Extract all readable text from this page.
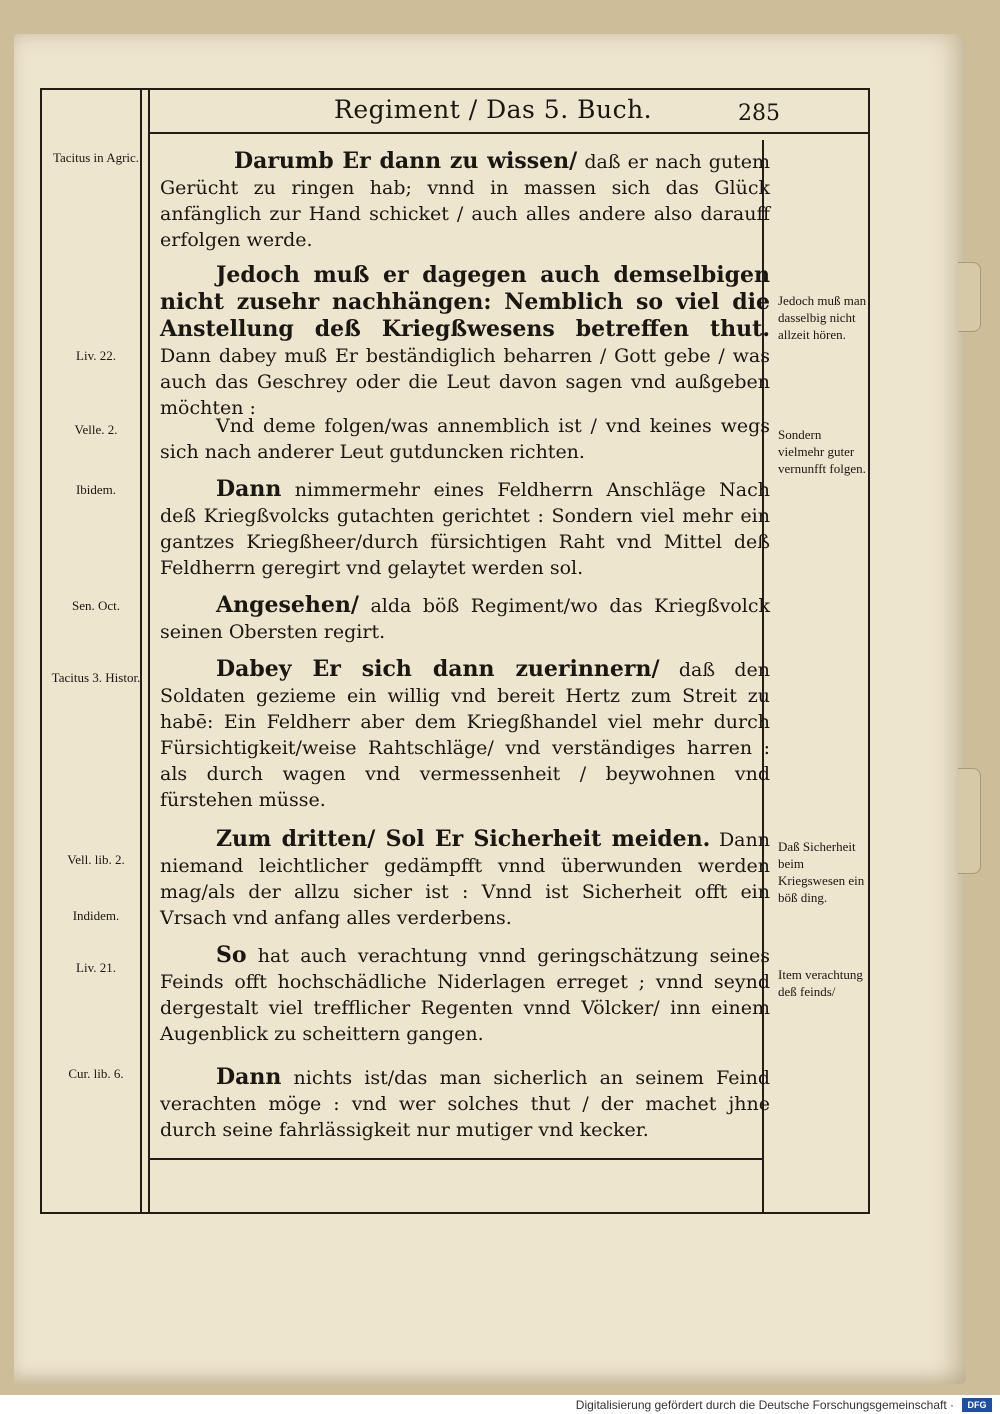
Regiment / Das 5. Buch.	285
Tacitus in Agric.
Liv. 22.
Velle. 2.
Ibidem.
Sen. Oct.
Tacitus 3. Histor.
Vell. lib. 2.
Indidem.
Liv. 21.
Cur. lib. 6.
Jedoch muß man dasselbig nicht allzeit hören.
Sondern vielmehr guter vernunfft folgen.
Daß Sicherheit beim Kriegswesen ein böß ding.
Item verachtung deß feinds/
Darumb Er dann zu wissen/ daß er nach gutem Gerücht zu ringen hab; vnnd in massen sich das Glück anfänglich zur Hand schicket / auch alles andere also darauff erfolgen werde.
Jedoch muß er dagegen auch demselbigen nicht zusehr nachhängen: Nemblich so viel die Anstellung deß Kriegßwesens betreffen thut. Dann dabey muß Er beständiglich beharren / Gott gebe / was auch das Geschrey oder die Leut davon sagen vnd außgeben möchten :
Vnd deme folgen/was annemblich ist / vnd keines wegs sich nach anderer Leut gutduncken richten.
Dann nimmermehr eines Feldherrn Anschläge Nach deß Kriegßvolcks gutachten gerichtet : Sondern viel mehr ein gantzes Kriegßheer/durch fürsichtigen Raht vnd Mittel deß Feldherrn geregirt vnd gelaytet werden sol.
Angesehen/ alda böß Regiment/wo das Kriegßvolck seinen Obersten regirt.
Dabey Er sich dann zuerinnern/ daß den Soldaten gezieme ein willig vnd bereit Hertz zum Streit zu habē: Ein Feldherr aber dem Kriegßhandel viel mehr durch Fürsichtigkeit/weise Rahtschläge/ vnd verständiges harren : als durch wagen vnd vermessenheit / beywohnen vnd fürstehen müsse.
Zum dritten/ Sol Er Sicherheit meiden. Dann niemand leichtlicher gedämpfft vnnd überwunden werden mag/als der allzu sicher ist : Vnnd ist Sicherheit offt ein Vrsach vnd anfang alles verderbens.
So hat auch verachtung vnnd geringschätzung seines Feinds offt hochschädliche Niderlagen erreget ; vnnd seynd dergestalt viel trefflicher Regenten vnnd Völcker/ inn einem Augenblick zu scheittern gangen.
Dann nichts ist/das man sicherlich an seinem Feind verachten möge : vnd wer solches thut / der machet jhne durch seine fahrlässigkeit nur mutiger vnd kecker.
Digitalisierung gefördert durch die Deutsche Forschungsgemeinschaft ·	DFG
